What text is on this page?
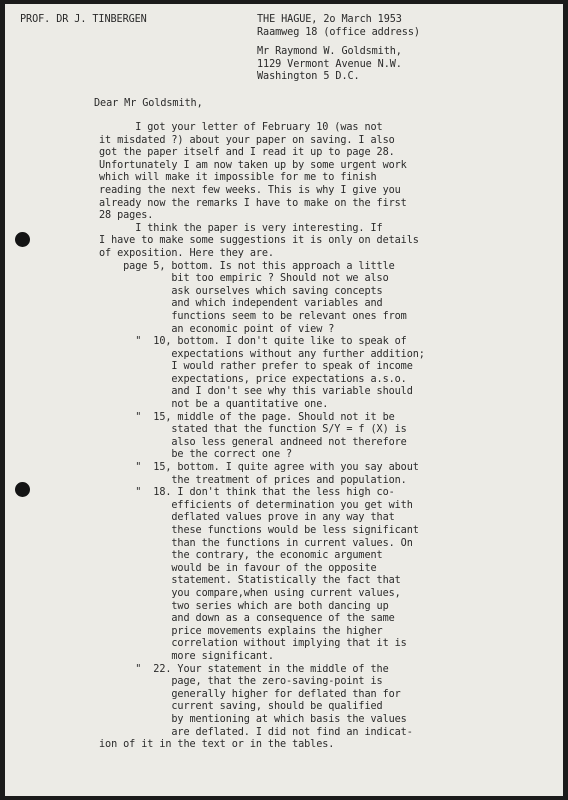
PROF. DR J. TINBERGEN	THE HAGUE, 2o March 1953
Raamweg 18 (office address)
Mr Raymond W. Goldsmith,
1129 Vermont Avenue N.W.
Washington 5 D.C.
Dear Mr Goldsmith,
I got your letter of February 10 (was not
it misdated ?) about your paper on saving. I also
got the paper itself and I read it up to page 28.
Unfortunately I am now taken up by some urgent work
which will make it impossible for me to finish
reading the next few weeks. This is why I give you
already now the remarks I have to make on the first
28 pages.
I think the paper is very interesting. If
I have to make some suggestions it is only on details
of exposition. Here they are.
page 5, bottom. Is not this approach a little
bit too empiric ? Should not we also
ask ourselves which saving concepts
and which independent variables and
functions seem to be relevant ones from
an economic point of view ?
"  10, bottom. I don't quite like to speak of
expectations without any further addition;
I would rather prefer to speak of income
expectations, price expectations a.s.o.
and I don't see why this variable should
not be a quantitative one.
"  15, middle of the page. Should not it be
stated that the function S/Y = f (X) is
also less general andneed not therefore
be the correct one ?
"  15, bottom. I quite agree with you say about
the treatment of prices and population.
"  18. I don't think that the less high co-
efficients of determination you get with
deflated values prove in any way that
these functions would be less significant
than the functions in current values. On
the contrary, the economic argument
would be in favour of the opposite
statement. Statistically the fact that
you compare,when using current values,
two series which are both dancing up
and down as a consequence of the same
price movements explains the higher
correlation without implying that it is
more significant.
"  22. Your statement in the middle of the
page, that the zero-saving-point is
generally higher for deflated than for
current saving, should be qualified
by mentioning at which basis the values
are deflated. I did not find an indicat-
ion of it in the text or in the tables.
